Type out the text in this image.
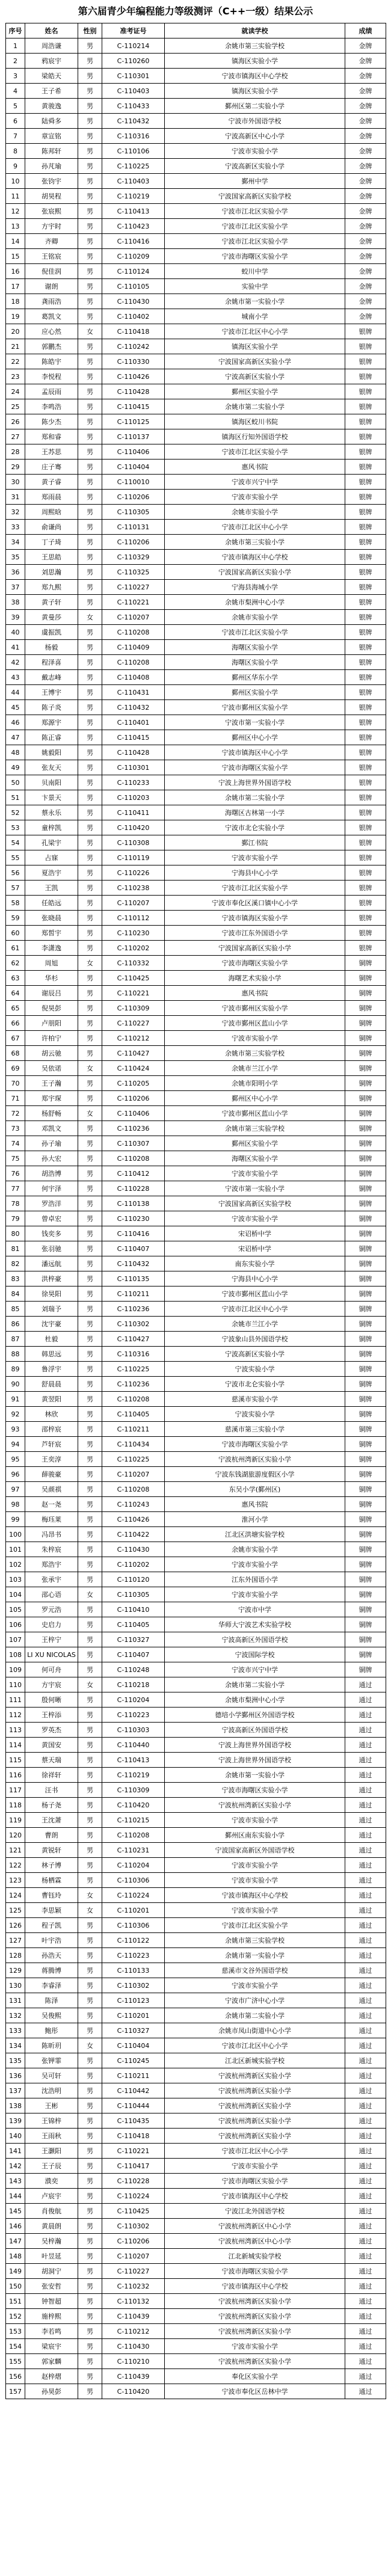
第六届青少年编程能力等级测评（C++一级）结果公示
序号	姓名	性别	准考证号	就读学校	成绩
1	周浩谦	男	C-110214	余姚市第三实验学校	金牌
2	鸦宸宇	男	C-110260	镇海区实验小学	金牌
3	梁皓天	男	C-110301	宁波市镇海区中心学校	金牌
4	王子希	男	C-110403	镇海区实验小学	金牌
5	黄骏逸	男	C-110433	鄞州区第二实验小学	金牌
6	陆舜多	男	C-110432	宁波市外国语学校	金牌
7	章宣铭	男	C-110316	宁波高新区中心小学	金牌
8	陈邦轩	男	C-110106	宁波市实验小学	金牌
9	孙芃瑜	男	C-110225	宁波高新区实验小学	金牌
10	张钧宇	男	C-110403	鄞州中学	金牌
11	胡昊程	男	C-110219	宁波国家高新区实验学校	金牌
12	张宸熙	男	C-110413	宁波市江北区实验小学	金牌
13	方宇时	男	C-110423	宁波市江北区实验小学	金牌
14	齐卿	男	C-110416	宁波市江北区实验小学	金牌
15	王铭宸	男	C-110209	宁波市海曙区实验小学	金牌
16	倪佳润	男	C-110124	蛟川中学	金牌
17	谢朗	男	C-110105	实验中学	金牌
18	龚雨浩	男	C-110430	余姚市第一实验小学	金牌
19	葛凯文	男	C-110402	城南小学	金牌
20	应心然	女	C-110418	宁波市江北区中心小学	银牌
21	郭鹏杰	男	C-110242	镇海区实验小学	银牌
22	陈皓宇	男	C-110330	宁波国家高新区实验小学	银牌
23	李悦程	男	C-110426	宁波高新区实验小学	银牌
24	孟辰雨	男	C-110428	鄞州区实验小学	银牌
25	李鸣浩	男	C-110415	余姚市第二实验小学	银牌
26	陈少杰	男	C-110125	镇海区蛟川书院	银牌
27	郑和睿	男	C-110137	镇海区行知外国语学校	银牌
28	王苏思	男	C-110406	宁波市江北区实验小学	银牌
29	庄子骞	男	C-110404	惠风书院	银牌
30	黄子睿	男	C-110010	宁波市兴宁中学	银牌
31	郑雨晨	男	C-110206	宁波市实验小学	银牌
32	周熙晗	男	C-110305	余姚市实验小学	银牌
33	俞谦尚	男	C-110131	宁波市江北区中心小学	银牌
34	丁子琦	男	C-110206	余姚市第三实验小学	银牌
35	王思皓	男	C-110329	宁波市镇海区中心学校	银牌
36	刘思瀚	男	C-110325	宁波国家高新区实验小学	银牌
37	郑九熙	男	C-110227	宁海县海城小学	银牌
38	黄子轩	男	C-110221	余姚市梨洲中心小学	银牌
39	黄曼莎	女	C-110207	余姚市实验小学	银牌
40	虞振凯	男	C-110208	宁波市江北区实验小学	银牌
41	杨毅	男	C-110409	海曙区实验小学	银牌
42	程泽喜	男	C-110208	海曙区实验小学	银牌
43	戴志峰	男	C-110408	鄞州区华东小学	银牌
44	王博宇	男	C-110431	鄞州区实验小学	银牌
45	陈子炎	男	C-110432	宁波市鄞州区实验小学	银牌
46	郑源宇	男	C-110401	宁波市第一实验小学	银牌
47	陈正睿	男	C-110415	鄞州区中心小学	银牌
48	姚毅阳	男	C-110428	宁波市镇海区中心小学	银牌
49	张友天	男	C-110301	宁波市海曙区实验小学	银牌
50	贝南阳	男	C-110233	宁波上海世界外国语学校	银牌
51	卞景天	男	C-110203	余姚市第二实验小学	银牌
52	蔡永乐	男	C-110411	海曙区古林第一小学	银牌
53	童梓凯	男	C-110420	宁波市北仑实验小学	银牌
54	孔梁宇	男	C-110308	鄞江书院	银牌
55	占寐	男	C-110119	宁波市实验小学	银牌
56	夏浩宇	男	C-110226	宁海县中心小学	银牌
57	王凯	男	C-110238	宁波市江北区实验小学	银牌
58	任皓远	男	C-110207	宁波市奉化区溪口镇中心小学	银牌
59	张晓晨	男	C-110112	宁波市镇海区实验小学	银牌
60	郑皙宇	男	C-110230	宁波市江东外国语小学	银牌
61	李潇逸	男	C-110202	宁波国家高新区实验小学	银牌
62	周旭	女	C-110332	宁波市海曙区实验小学	铜牌
63	华杉	男	C-110425	海曙艺术实验小学	铜牌
64	谢辰吕	男	C-110221	惠风书院	铜牌
65	倪昊彭	男	C-110309	宁波市鄞州区实验小学	铜牌
66	卢朋阳	男	C-110227	宁波市鄞州区蓝山小学	铜牌
67	许柏宁	男	C-110212	宁波市实验小学	铜牌
68	胡云驰	男	C-110427	余姚市第三实验学校	铜牌
69	吴依诺	女	C-110424	余姚市兰江小学	铜牌
70	王子瀚	男	C-110205	余姚市阳明小学	铜牌
71	郑宇琛	男	C-110206	鄞州区中心小学	铜牌
72	杨舒畅	女	C-110406	宁波市鄞州区蓝山小学	铜牌
73	邓凯文	男	C-110236	余姚市第三实验学校	铜牌
74	孙子瑜	男	C-110307	鄞州区实验小学	铜牌
75	孙大宏	男	C-110208	海曙区实验小学	铜牌
76	胡浩博	男	C-110412	宁波市实验小学	铜牌
77	何宇泽	男	C-110228	宁波市第一实验小学	铜牌
78	罗浩洋	男	C-110138	宁波国家高新区实验学校	铜牌
79	曾卓宏	男	C-110230	宁波市实验小学	铜牌
80	钱奕多	男	C-110416	宋诏桥中学	铜牌
81	张羽驰	男	C-110407	宋诏桥中学	铜牌
82	潘远航	男	C-110432	南东实验小学	铜牌
83	洪梓豪	男	C-110135	宁海县中心小学	铜牌
84	徐昊阳	男	C-110211	宁波市鄞州区蓝山小学	铜牌
85	刘瑞予	男	C-110236	宁波市江北区中心小学	铜牌
86	沈宇豪	男	C-110302	余姚市兰江小学	铜牌
87	杜毅	男	C-110427	宁波象山县外国语学校	铜牌
88	韩思远	男	C-110316	宁波高新区实验小学	铜牌
89	鲁浮宇	男	C-110225	宁波实验小学	铜牌
90	舒晨晨	男	C-110236	宁波市北仑实验小学	铜牌
91	黄翌阳	男	C-110208	慈溪市实验小学	铜牌
92	林欣	男	C-110405	宁波实验小学	铜牌
93	邵梓宸	男	C-110211	慈溪市第三实验小学	铜牌
94	芦轩宸	男	C-110434	宁波市海曙区实验小学	铜牌
95	王奕淳	男	C-110225	宁波杭州湾新区实验小学	铜牌
96	薛骏豪	男	C-110207	宁波东钱湖旅游度假区小学	铜牌
97	吴颜祺	男	C-110208	东吴小学(鄞州区)	铜牌
98	赵一尧	男	C-110243	惠风书院	铜牌
99	梅珏莱	男	C-110426	淮河小学	铜牌
100	冯昂书	男	C-110422	江北区洪塘实验学校	铜牌
101	朱梓宸	男	C-110430	余姚市实验小学	铜牌
102	郑浩宇	男	C-110202	宁波市实验小学	铜牌
103	张承宇	男	C-110120	江东外国语小学	铜牌
104	邵心语	女	C-110305	宁波市实验小学	铜牌
105	罗元浩	男	C-110410	宁波市中学	铜牌
106	史启力	男	C-110405	华师大宁波艺术实验学校	铜牌
107	王梓宁	男	C-110327	宁波高新区外国语学校	铜牌
108	LI XU NICOLAS	男	C-110407	宁波国际学校	铜牌
109	何可舟	男	C-110248	宁波市兴宁中学	铜牌
110	方宇宸	女	C-110218	余姚市第二实验小学	通过
111	殷何晰	男	C-110204	余姚市梨洲中心小学	通过
112	王梓添	男	C-110223	德培小学鄞州区外国语学校	通过
113	罗英杰	男	C-110303	宁波高新区外国语学校	通过
114	黄国安	男	C-110440	宁波上海世界外国语学校	通过
115	蔡天瑞	男	C-110413	宁波上海世界外国语学校	通过
116	徐祥轩	男	C-110219	余姚市第一实验小学	通过
117	汪书	男	C-110309	宁波市海曙区实验小学	通过
118	杨子尧	男	C-110420	宁波杭州湾新区实验小学	通过
119	王沈萧	男	C-110215	宁波市实验小学	通过
120	曹朗	男	C-110208	鄞州区南东实验小学	通过
121	黄锐轩	男	C-110231	宁波国家高新区外国语学校	通过
122	林子博	男	C-110204	宁波市实验小学	通过
123	杨栖霖	男	C-110306	宁波市实验小学	通过
124	曹钰玲	女	C-110224	宁波市镇海区中心学校	通过
125	李思颖	女	C-110201	宁波市实验小学	通过
126	程子凯	男	C-110306	宁波市江北区实验小学	通过
127	叶宇浩	男	C-110122	余姚市第三实验学校	通过
128	孙浩天	男	C-110223	余姚市第一实验小学	通过
129	蒋腾博	男	C-110133	慈溪市文谷外国语学校	通过
130	李睿泽	男	C-110302	宁波市实验小学	通过
131	陈泽	男	C-110123	宁波市广济中心小学	通过
132	吴俊熙	男	C-110201	余姚市第二实验小学	通过
133	鲍彤	男	C-110327	余姚市凤山街道中心小学	通过
134	陈昕玥	女	C-110404	宁波市江北区中心小学	通过
135	张钾霏	男	C-110245	江北区新城实验学校	通过
136	吴可轩	男	C-110211	宁波杭州湾新区实验小学	通过
137	沈浩明	男	C-110442	宁波杭州湾新区实验小学	通过
138	王彬	男	C-110444	宁波杭州湾新区实验小学	通过
139	王锦梓	男	C-110435	宁波杭州湾新区实验小学	通过
140	王雨秋	男	C-110418	宁波杭州湾新区实验小学	通过
141	王灏阳	男	C-110221	宁波市江北区中心小学	通过
142	王子辰	男	C-110417	宁波市实验小学	通过
143	濮奕	男	C-110228	宁波市海曙区实验小学	通过
144	卢宸宇	男	C-110224	宁波市镇海区中心学校	通过
145	肖俊航	男	C-110425	宁波江北外国语学校	通过
146	黄晨朗	男	C-110302	宁波杭州湾新区中心小学	通过
147	吴梓瀚	男	C-110206	宁波杭州湾新区中心小学	通过
148	叶昱延	男	C-110207	江北新城实验学校	通过
149	胡洞宁	男	C-110227	宁波市海曙区实验小学	通过
150	张安哲	男	C-110232	宁波市镇海区中心学校	通过
151	钟智超	男	C-110132	宁波杭州湾新区实验小学	通过
152	施梓熙	男	C-110439	宁波杭州湾新区实验小学	通过
153	李若鸣	男	C-110212	宁波杭州湾新区实验小学	通过
154	梁宸宇	男	C-110430	宁波市实验小学	通过
155	郭家麟	男	C-110210	宁波杭州湾新区实验小学	通过
156	赵梓熠	男	C-110439	奉化区实验小学	通过
157	孙昊彭	男	C-110420	宁波市奉化区岳林中学	通过
